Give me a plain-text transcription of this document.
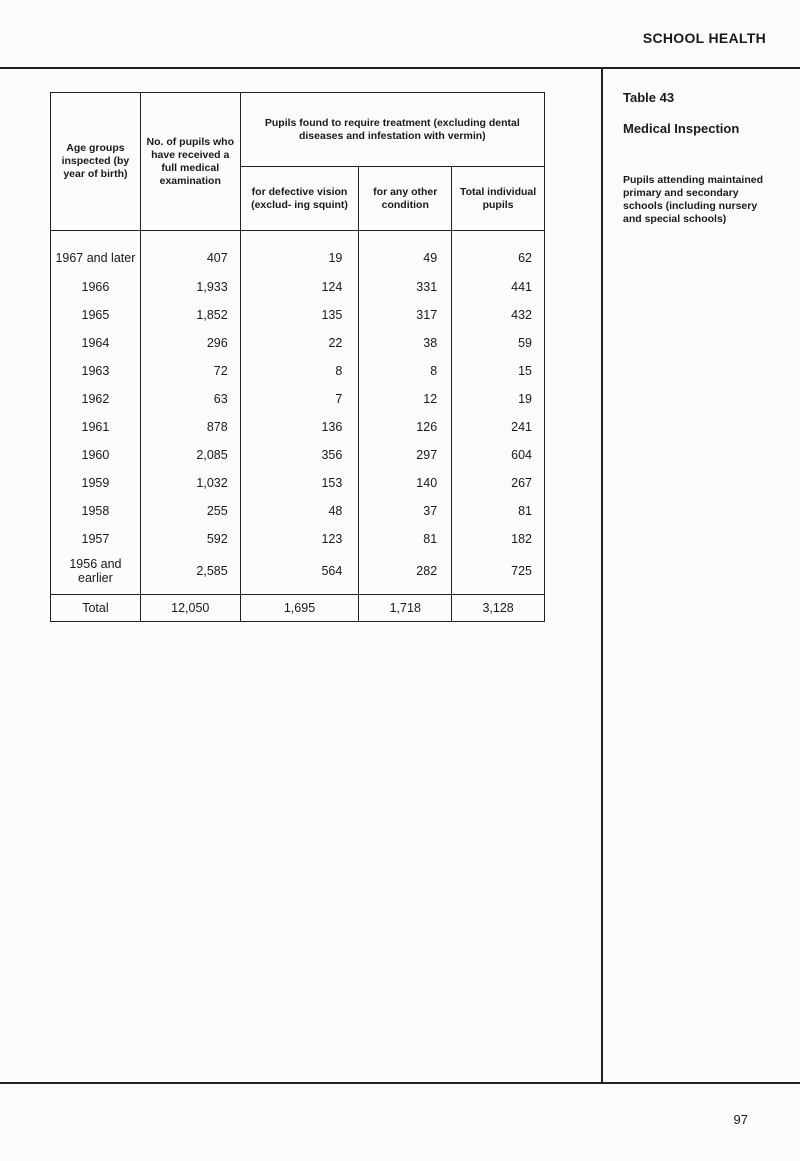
SCHOOL HEALTH
Table 43
Medical Inspection
Pupils attending maintained primary and secondary schools (including nursery and special schools)
Age groups inspected (by year of birth)	No. of pupils who have received a full medical examination	Pupils found to require treatment (excluding dental diseases and infestation with vermin)		
		for defective vision (exclud- ing squint)	for any other condition	Total individual pupils
1967 and later	407	19	49	62
1966	1,933	124	331	441
1965	1,852	135	317	432
1964	296	22	38	59
1963	72	8	8	15
1962	63	7	12	19
1961	878	136	126	241
1960	2,085	356	297	604
1959	1,032	153	140	267
1958	255	48	37	81
1957	592	123	81	182
1956 and earlier	2,585	564	282	725
Total	12,050	1,695	1,718	3,128
97
